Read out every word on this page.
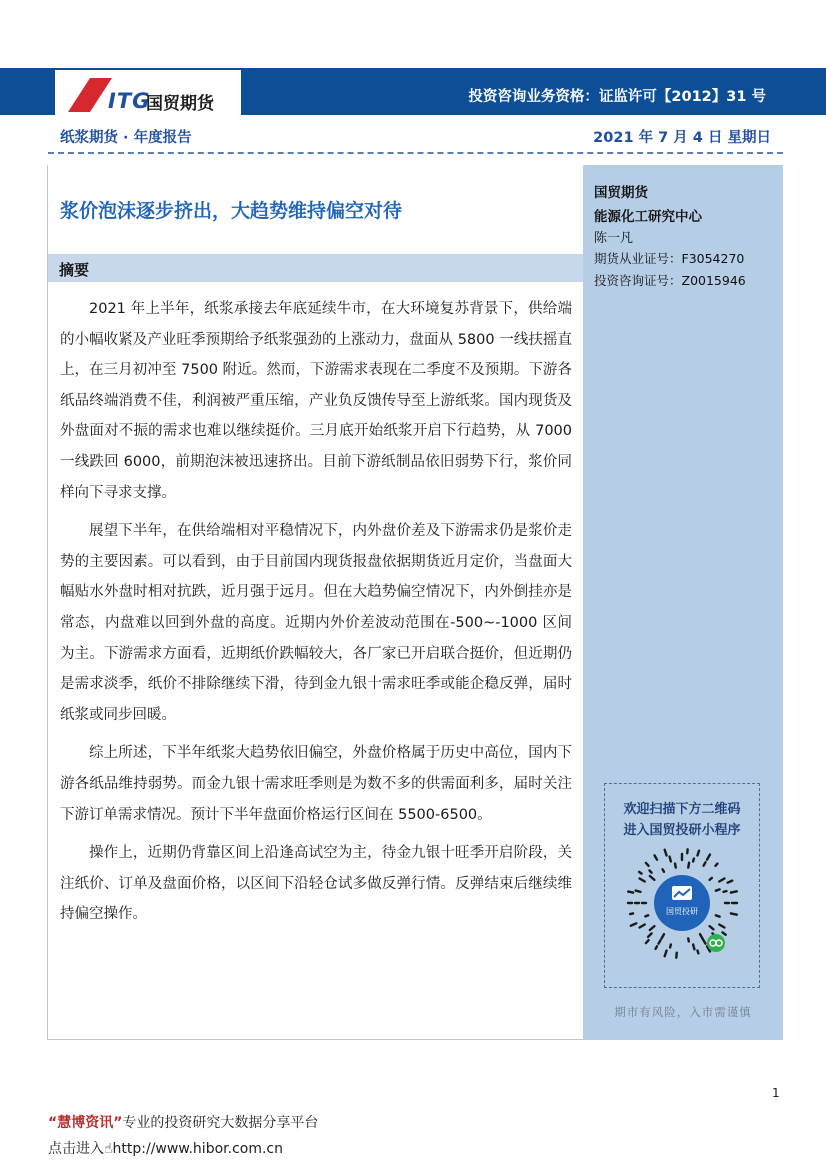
ITG
国贸期货	投资咨询业务资格：证监许可【2012】31 号
纸浆期货 · 年度报告	2021 年 7 月 4 日 星期日
浆价泡沫逐步挤出，大趋势维持偏空对待
国贸期货
能源化工研究中心
陈一凡
期货从业证号：F3054270
投资咨询证号：Z0015946
欢迎扫描下方二维码
进入国贸投研小程序
国贸投研
期市有风险，入市需谨慎
摘要

2021 年上半年，纸浆承接去年底延续牛市，在大环境复苏背景下，供给端的小幅收紧及产业旺季预期给予纸浆强劲的上涨动力，盘面从 5800 一线扶摇直上，在三月初冲至 7500 附近。然而，下游需求表现在二季度不及预期。下游各纸品终端消费不佳，利润被严重压缩，产业负反馈传导至上游纸浆。国内现货及外盘面对不振的需求也难以继续挺价。三月底开始纸浆开启下行趋势，从 7000 一线跌回 6000，前期泡沫被迅速挤出。目前下游纸制品依旧弱势下行，浆价同样向下寻求支撑。

展望下半年，在供给端相对平稳情况下，内外盘价差及下游需求仍是浆价走势的主要因素。可以看到，由于目前国内现货报盘依据期货近月定价，当盘面大幅贴水外盘时相对抗跌，近月强于远月。但在大趋势偏空情况下，内外倒挂亦是常态，内盘难以回到外盘的高度。近期内外价差波动范围在-500~-1000 区间为主。下游需求方面看，近期纸价跌幅较大，各厂家已开启联合挺价，但近期仍是需求淡季，纸价不排除继续下滑，待到金九银十需求旺季或能企稳反弹，届时纸浆或同步回暖。

综上所述，下半年纸浆大趋势依旧偏空，外盘价格属于历史中高位，国内下游各纸品维持弱势。而金九银十需求旺季则是为数不多的供需面利多，届时关注下游订单需求情况。预计下半年盘面价格运行区间在 5500-6500。

操作上，近期仍背靠区间上沿逢高试空为主，待金九银十旺季开启阶段，关注纸价、订单及盘面价格，以区间下沿轻仓试多做反弹行情。反弹结束后继续维持偏空操作。

1
“慧博资讯”专业的投资研究大数据分享平台
点击进入☝http://www.hibor.com.cn
